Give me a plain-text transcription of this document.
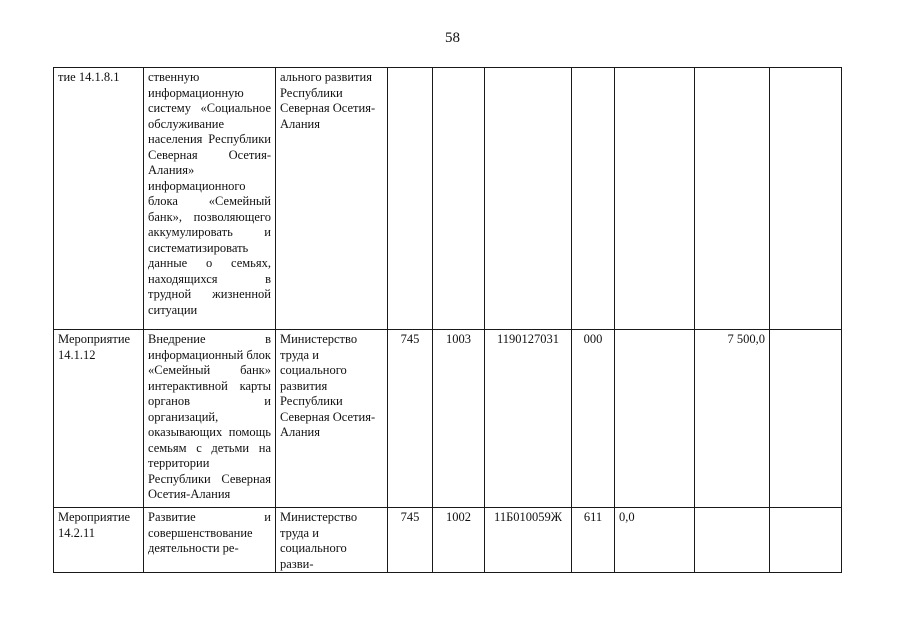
58
тие 14.1.8.1	ственную информационную систему «Социальное обслуживание населения Республики Северная Осетия-Алания» информационного блока «Семейный банк», позволяющего аккумулировать и систематизировать данные о семьях, находящихся в трудной жизненной ситуации	ального развития Республики Северная Осетия-Алания							
Мероприятие 14.1.12	Внедрение в информационный блок «Семейный банк» интерактивной карты органов и организаций, оказывающих помощь семьям с детьми на территории Республики Северная Осетия-Алания	Министерство труда и социального развития Республики Северная Осетия-Алания	745	1003	1190127031	000		7 500,0	
Мероприятие 14.2.11	Развитие и совершенствование деятельности ре-	Министерство труда и социального разви-	745	1002	11Б010059Ж	611	0,0		
